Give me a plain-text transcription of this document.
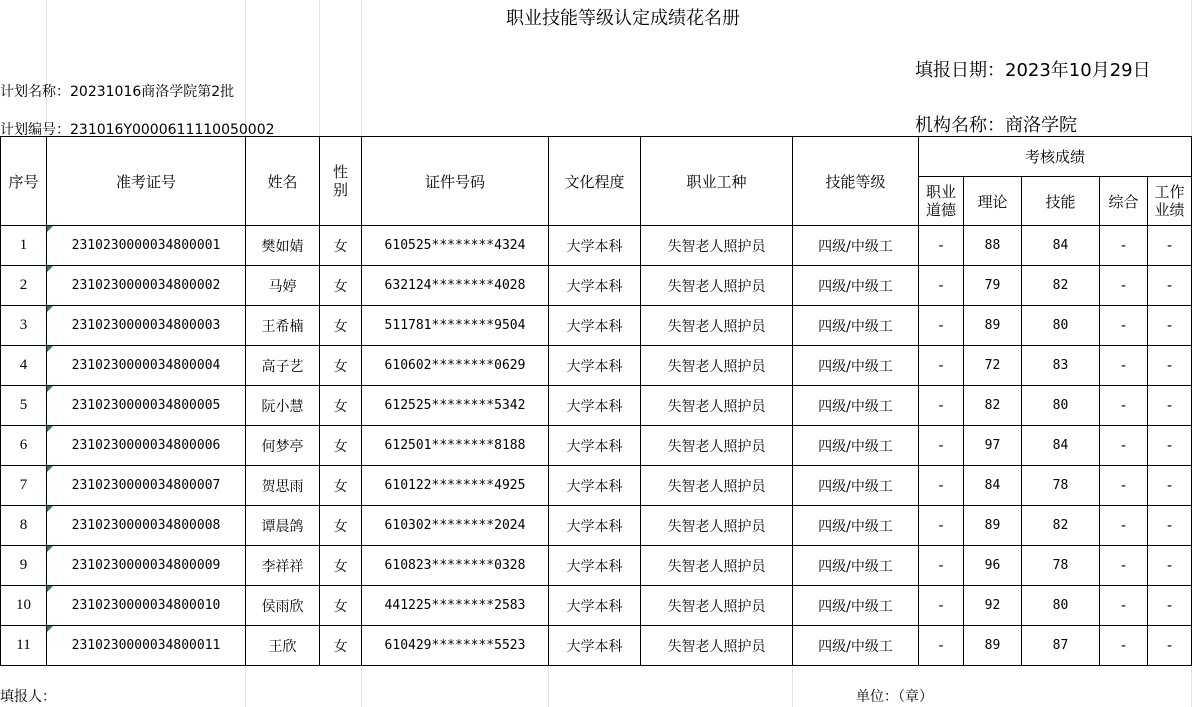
职业技能等级认定成绩花名册
填报日期：2023年10月29日
计划名称：20231016商洛学院第2批
计划编号：231016Y0000611110050002	机构名称：商洛学院
序号	准考证号	姓名	性别	证件号码	文化程度	职业工种	技能等级	考核成绩				
								职业道德	理论	技能	综合	工作业绩
1	2310230000034800001	樊如婧	女	610525********4324	大学本科	失智老人照护员	四级/中级工	-	88	84	-	-
2	2310230000034800002	马婷	女	632124********4028	大学本科	失智老人照护员	四级/中级工	-	79	82	-	-
3	2310230000034800003	王希楠	女	511781********9504	大学本科	失智老人照护员	四级/中级工	-	89	80	-	-
4	2310230000034800004	高子艺	女	610602********0629	大学本科	失智老人照护员	四级/中级工	-	72	83	-	-
5	2310230000034800005	阮小慧	女	612525********5342	大学本科	失智老人照护员	四级/中级工	-	82	80	-	-
6	2310230000034800006	何梦亭	女	612501********8188	大学本科	失智老人照护员	四级/中级工	-	97	84	-	-
7	2310230000034800007	贺思雨	女	610122********4925	大学本科	失智老人照护员	四级/中级工	-	84	78	-	-
8	2310230000034800008	谭晨鸽	女	610302********2024	大学本科	失智老人照护员	四级/中级工	-	89	82	-	-
9	2310230000034800009	李祥祥	女	610823********0328	大学本科	失智老人照护员	四级/中级工	-	96	78	-	-
10	2310230000034800010	侯雨欣	女	441225********2583	大学本科	失智老人照护员	四级/中级工	-	92	80	-	-
11	2310230000034800011	王欣	女	610429********5523	大学本科	失智老人照护员	四级/中级工	-	89	87	-	-
填报人：	单位：（章）
